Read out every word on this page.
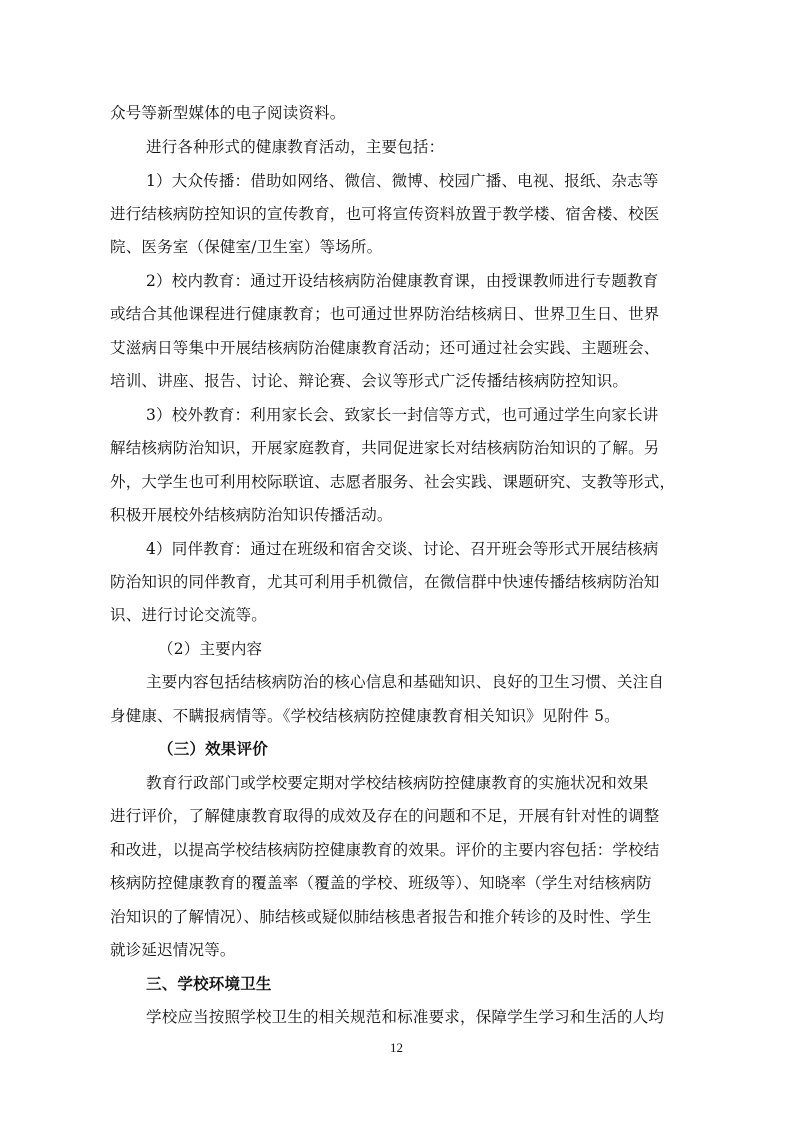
众号等新型媒体的电子阅读资料。
进行各种形式的健康教育活动，主要包括：
1）大众传播：借助如网络、微信、微博、校园广播、电视、报纸、杂志等
进行结核病防控知识的宣传教育，也可将宣传资料放置于教学楼、宿舍楼、校医
院、医务室（保健室/卫生室）等场所。
2）校内教育：通过开设结核病防治健康教育课，由授课教师进行专题教育
或结合其他课程进行健康教育；也可通过世界防治结核病日、世界卫生日、世界
艾滋病日等集中开展结核病防治健康教育活动；还可通过社会实践、主题班会、
培训、讲座、报告、讨论、辩论赛、会议等形式广泛传播结核病防控知识。
3）校外教育：利用家长会、致家长一封信等方式，也可通过学生向家长讲
解结核病防治知识，开展家庭教育，共同促进家长对结核病防治知识的了解。另
外，大学生也可利用校际联谊、志愿者服务、社会实践、课题研究、支教等形式，
积极开展校外结核病防治知识传播活动。
4）同伴教育：通过在班级和宿舍交谈、讨论、召开班会等形式开展结核病
防治知识的同伴教育，尤其可利用手机微信，在微信群中快速传播结核病防治知
识、进行讨论交流等。
（2）主要内容
主要内容包括结核病防治的核心信息和基础知识、良好的卫生习惯、关注自
身健康、不瞒报病情等。《学校结核病防控健康教育相关知识》见附件 5。
（三）效果评价
教育行政部门或学校要定期对学校结核病防控健康教育的实施状况和效果
进行评价，了解健康教育取得的成效及存在的问题和不足，开展有针对性的调整
和改进，以提高学校结核病防控健康教育的效果。评价的主要内容包括：学校结
核病防控健康教育的覆盖率（覆盖的学校、班级等）、知晓率（学生对结核病防
治知识的了解情况）、肺结核或疑似肺结核患者报告和推介转诊的及时性、学生
就诊延迟情况等。
三、学校环境卫生
学校应当按照学校卫生的相关规范和标准要求，保障学生学习和生活的人均
12
